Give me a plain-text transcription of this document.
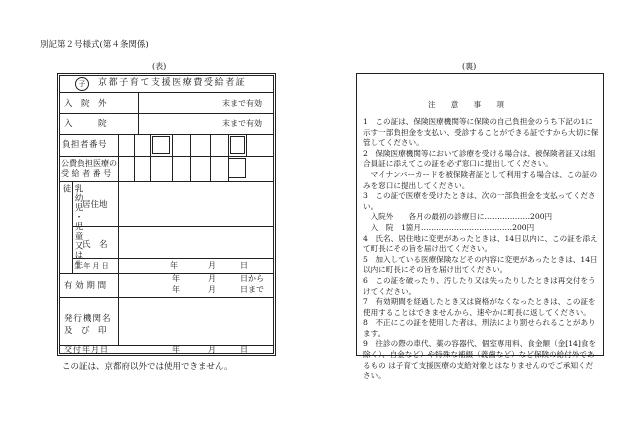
別記第２号様式(第４条関係)
(表)	(裏)
子	京都子育て支援医療費受給者証
入　院　外	末まで有効
入　　　院	末まで有効
負担者番号
公費負担医療の
受 給 者 番 号
乳幼児・児童又は生徒
居住地
氏　名
生 年 月 日	年	月	日
有 効 期 間
年	月	日から
年	月	日まで
発行機関名
及　び　印
交付年月日	年	月	日
この証は、京都府以外では使用できません。
注　　意　　事　　項

1　この証は、保険医療機関等に保険の自己負担金のうち下記の1に示す一部負担金を支払い、受診することができる証ですから大切に保管してください。

2　保険医療機関等において診療を受ける場合は、被保険者証又は組合員証に添えてこの証を必ず窓口に提出してください。

　マイナンバーカードを被保険者証として利用する場合は、この証のみを窓口に提出してください。

3　この証で医療を受けたときは、次の一部負担金を支払ってください。

　入院外　　各月の最初の診療日に………………200円

　入　院　1箇月………………………………200円

4　氏名、居住地に変更があったときは、14日以内に、この証を添えて町長にその旨を届け出てください。

5　加入している医療保険などその内容に変更があったときは、14日以内に町長にその旨を届け出てください。

6　この証を破ったり、汚したり又は失ったりしたときは再交付をうけてください。

7　有効期間を経過したとき又は資格がなくなったときは、この証を使用することはできませんから、速やかに町長に返してください。

8　不正にこの証を使用した者は、刑法により罰せられることがあります。

9　往診の際の車代、薬の容器代、個室専用料、食金額（金[14]食を除く）、自金など）や特殊な補綴（義歯など）など保険の給付外であるもの は子育て支援医療の支給対象とはなりませんのでご承知ください。
